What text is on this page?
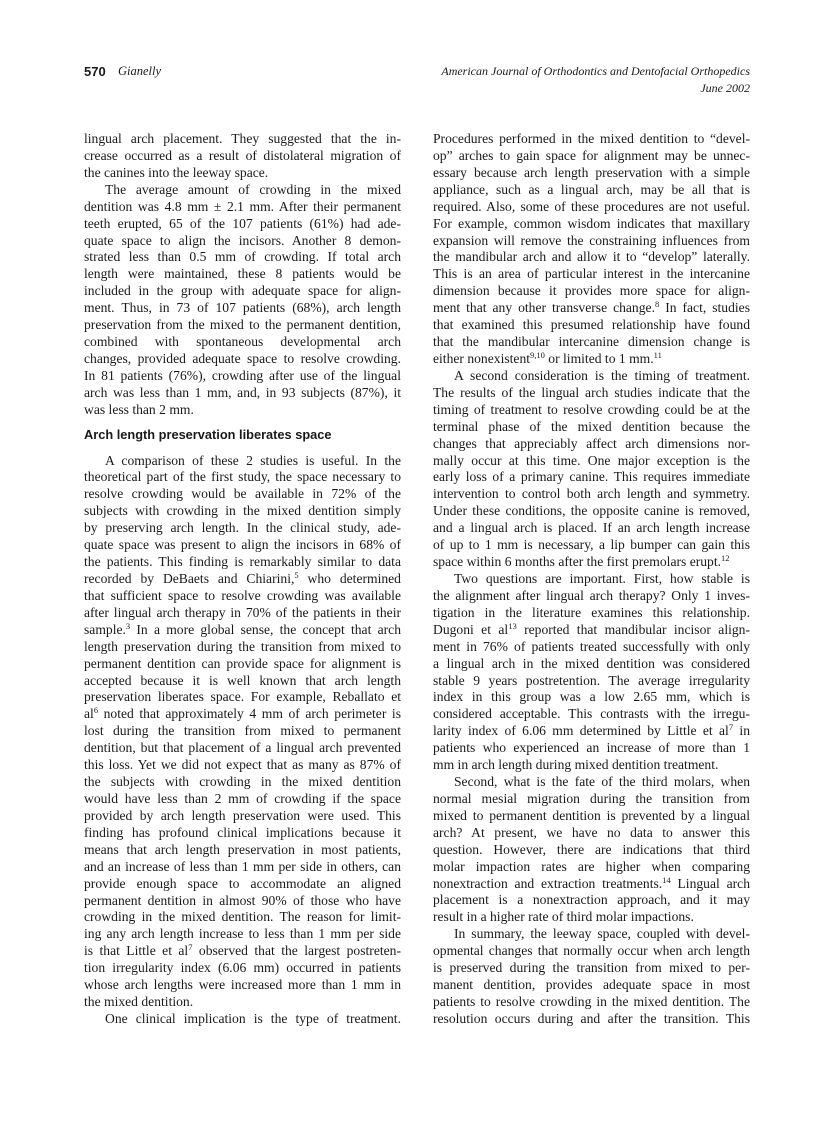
570 Gianelly	American Journal of Orthodontics and Dentofacial Orthopedics
June 2002
lingual arch placement. They suggested that the in-
crease occurred as a result of distolateral migration of
the canines into the leeway space.
The average amount of crowding in the mixed
dentition was 4.8 mm ± 2.1 mm. After their permanent
teeth erupted, 65 of the 107 patients (61%) had ade-
quate space to align the incisors. Another 8 demon-
strated less than 0.5 mm of crowding. If total arch
length were maintained, these 8 patients would be
included in the group with adequate space for align-
ment. Thus, in 73 of 107 patients (68%), arch length
preservation from the mixed to the permanent dentition,
combined with spontaneous developmental arch
changes, provided adequate space to resolve crowding.
In 81 patients (76%), crowding after use of the lingual
arch was less than 1 mm, and, in 93 subjects (87%), it
was less than 2 mm.
Arch length preservation liberates space
A comparison of these 2 studies is useful. In the
theoretical part of the first study, the space necessary to
resolve crowding would be available in 72% of the
subjects with crowding in the mixed dentition simply
by preserving arch length. In the clinical study, ade-
quate space was present to align the incisors in 68% of
the patients. This finding is remarkably similar to data
recorded by DeBaets and Chiarini,$^5$ who determined
that sufficient space to resolve crowding was available
after lingual arch therapy in 70% of the patients in their
sample.$^3$ In a more global sense, the concept that arch
length preservation during the transition from mixed to
permanent dentition can provide space for alignment is
accepted because it is well known that arch length
preservation liberates space. For example, Reballato et
$al^6$ noted that approximately 4 mm of arch perimeter is
lost during the transition from mixed to permanent
dentition, but that placement of a lingual arch prevented
this loss. Yet we did not expect that as many as 87% of
the subjects with crowding in the mixed dentition
would have less than 2 mm of crowding if the space
provided by arch length preservation were used. This
finding has profound clinical implications because it
means that arch length preservation in most patients,
and an increase of less than 1 mm per side in others, can
provide enough space to accommodate an aligned
permanent dentition in almost 90% of those who have
crowding in the mixed dentition. The reason for limit-
ing any arch length increase to less than 1 mm per side
is that Little et $al^7$ observed that the largest postreten-
tion irregularity index (6.06 mm) occurred in patients
whose arch lengths were increased more than 1 mm in
the mixed dentition.
One clinical implication is the type of treatment.
Procedures performed in the mixed dentition to “devel-
op” arches to gain space for alignment may be unnec-
essary because arch length preservation with a simple
appliance, such as a lingual arch, may be all that is
required. Also, some of these procedures are not useful.
For example, common wisdom indicates that maxillary
expansion will remove the constraining influences from
the mandibular arch and allow it to “develop” laterally.
This is an area of particular interest in the intercanine
dimension because it provides more space for align-
ment that any other transverse change.$^8$ In fact, studies
that examined this presumed relationship have found
that the mandibular intercanine dimension change is
either nonexistent$^{9,10}$ or limited to 1 mm.$^{11}$
A second consideration is the timing of treatment.
The results of the lingual arch studies indicate that the
timing of treatment to resolve crowding could be at the
terminal phase of the mixed dentition because the
changes that appreciably affect arch dimensions nor-
mally occur at this time. One major exception is the
early loss of a primary canine. This requires immediate
intervention to control both arch length and symmetry.
Under these conditions, the opposite canine is removed,
and a lingual arch is placed. If an arch length increase
of up to 1 mm is necessary, a lip bumper can gain this
space within 6 months after the first premolars erupt.$^{12}$
Two questions are important. First, how stable is
the alignment after lingual arch therapy? Only 1 inves-
tigation in the literature examines this relationship.
Dugoni et $al^{13}$ reported that mandibular incisor align-
ment in 76% of patients treated successfully with only
a lingual arch in the mixed dentition was considered
stable 9 years postretention. The average irregularity
index in this group was a low 2.65 mm, which is
considered acceptable. This contrasts with the irregu-
larity index of 6.06 mm determined by Little et $al^7$ in
patients who experienced an increase of more than 1
mm in arch length during mixed dentition treatment.
Second, what is the fate of the third molars, when
normal mesial migration during the transition from
mixed to permanent dentition is prevented by a lingual
arch? At present, we have no data to answer this
question. However, there are indications that third
molar impaction rates are higher when comparing
nonextraction and extraction treatments.$^{14}$ Lingual arch
placement is a nonextraction approach, and it may
result in a higher rate of third molar impactions.
In summary, the leeway space, coupled with devel-
opmental changes that normally occur when arch length
is preserved during the transition from mixed to per-
manent dentition, provides adequate space in most
patients to resolve crowding in the mixed dentition. The
resolution occurs during and after the transition. This
